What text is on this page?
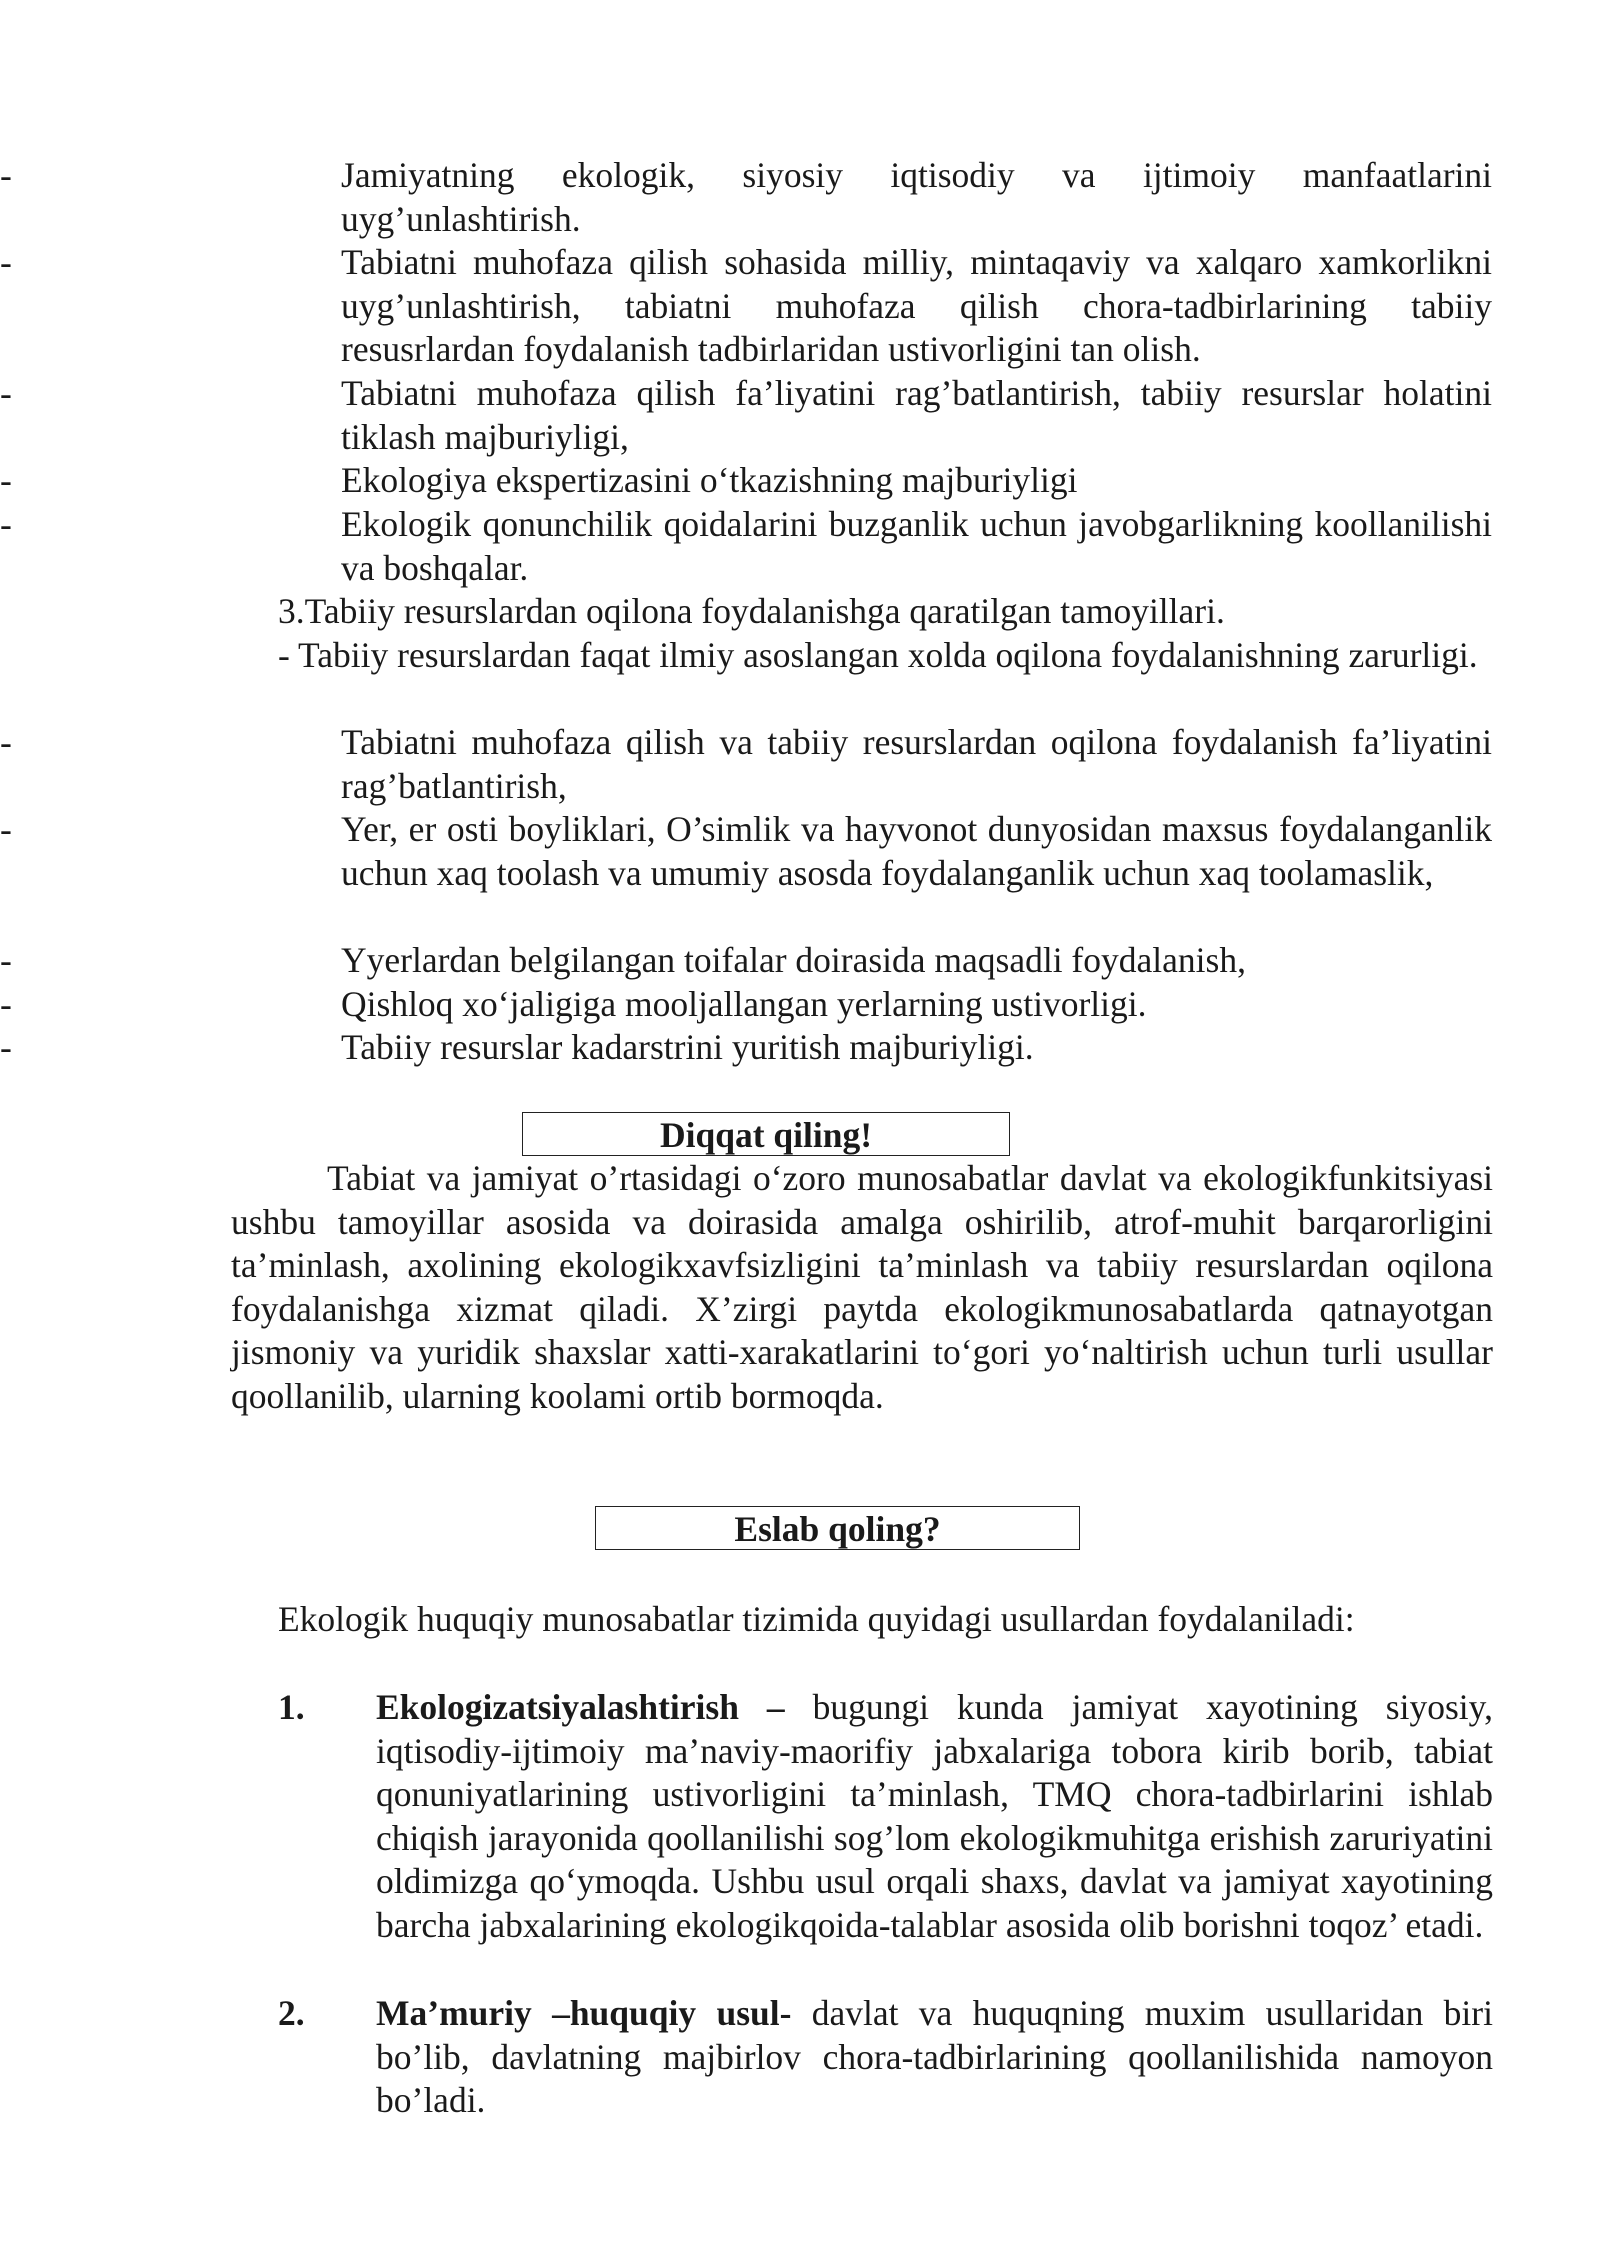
-	Jamiyatning ekologik, siyosiy iqtisodiy va ijtimoiy manfaatlarini uyg’unlashtirish.
-	Tabiatni muhofaza qilish sohasida milliy, mintaqaviy va xalqaro xamkorlikni uyg’unlashtirish, tabiatni muhofaza qilish chora-tadbirlarining tabiiy resusrlardan foydalanish tadbirlaridan ustivorligini tan olish.
-	Tabiatni muhofaza qilish fa’liyatini rag’batlantirish, tabiiy resurslar holatini tiklash majburiyligi,
-	Ekologiya ekspertizasini o‘tkazishning majburiyligi
-	Ekologik qonunchilik qoidalarini buzganlik uchun javobgarlikning koollanilishi va boshqalar.
3.Tabiiy resurslardan oqilona foydalanishga qaratilgan tamoyillari.
- Tabiiy resurslardan faqat ilmiy asoslangan xolda oqilona foydalanishning zarurligi.
-	Tabiatni muhofaza qilish va tabiiy resurslardan oqilona foydalanish fa’liyatini rag’batlantirish,
-	Yer, er osti boyliklari, O’simlik va hayvonot dunyosidan maxsus foydalanganlik uchun xaq toolash va umumiy asosda foydalanganlik uchun xaq toolamaslik,
-	Yyerlardan belgilangan toifalar doirasida maqsadli foydalanish,
-	Qishloq xo‘jaligiga mooljallangan yerlarning ustivorligi.
-	Tabiiy resurslar kadarstrini yuritish majburiyligi.
Diqqat qiling!
Tabiat va jamiyat o’rtasidagi o‘zoro munosabatlar davlat va ekologikfunkitsiyasi ushbu tamoyillar asosida va doirasida amalga oshirilib, atrof-muhit barqarorligini ta’minlash, axolining ekologikxavfsizligini ta’minlash va tabiiy resurslardan oqilona foydalanishga xizmat qiladi. X’zirgi paytda ekologikmunosabatlarda qatnayotgan jismoniy va yuridik shaxslar xatti-xarakatlarini to‘gori yo‘naltirish uchun turli usullar qoollanilib, ularning koolami ortib bormoqda.
Eslab qoling?
Ekologik huquqiy munosabatlar tizimida quyidagi usullardan foydalaniladi:
1. Ekologizatsiyalashtirish – bugungi kunda jamiyat xayotining siyosiy, iqtisodiy-ijtimoiy ma’naviy-maorifiy jabxalariga tobora kirib borib, tabiat qonuniyatlarining ustivorligini ta’minlash, TMQ chora-tadbirlarini ishlab chiqish jarayonida qoollanilishi sog’lom ekologikmuhitga erishish zaruriyatini oldimizga qo‘ymoqda. Ushbu usul orqali shaxs, davlat va jamiyat xayotining barcha jabxalarining ekologikqoida-talablar asosida olib borishni toqoz’ etadi.
2. Ma’muriy –huquqiy usul- davlat va huquqning muxim usullaridan biri bo’lib, davlatning majbirlov chora-tadbirlarining qoollanilishida namoyon bo’ladi.
